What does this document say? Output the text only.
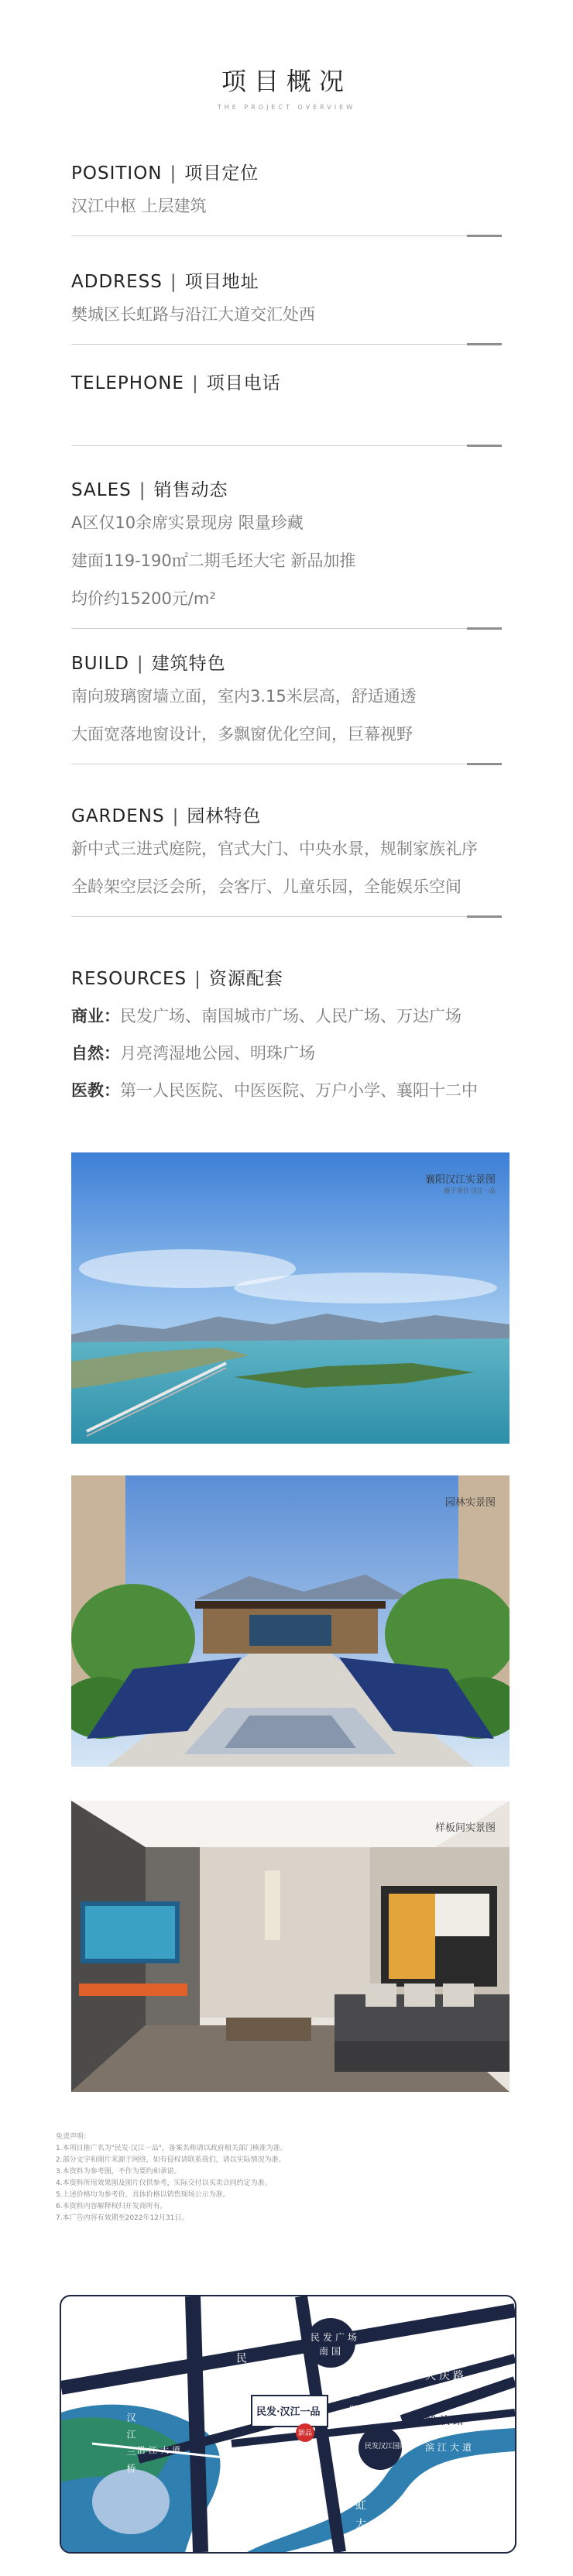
项目概况
THE PROJECT OVERVIEW
POSITION | 项目定位
汉江中枢 上层建筑
ADDRESS | 项目地址
樊城区长虹路与沿江大道交汇处西
TELEPHONE | 项目电话
SALES | 销售动态
A区仅10余席实景现房 限量珍藏
建面119-190㎡二期毛坯大宅 新品加推
均价约15200元/m²
BUILD | 建筑特色
南向玻璃窗墙立面，室内3.15米层高，舒适通透
大面宽落地窗设计，多飘窗优化空间，巨幕视野
GARDENS | 园林特色
新中式三进式庭院，官式大门、中央水景，规制家族礼序
全龄架空层泛会所，会客厅、儿童乐园，全能娱乐空间
RESOURCES | 资源配套
商业：民发广场、南国城市广场、人民广场、万达广场
自然：月亮湾湿地公园、明珠广场
医教：第一人民医院、中医医院、万户小学、襄阳十二中
襄阳汉江实景图
摄于项目 汉江一品
园林实景图
样板间实景图
免责声明：
1.本项目推广名为"民发·汉江一品"，备案名称请以政府相关部门核准为准。
2.部分文字和图片来源于网络，如有侵权请联系我们，请以实际情况为准。
3.本资料为参考图，不作为要约和承诺。
4.本资料所用效果图及图片仅供参考，实际交付以买卖合同约定为准。
5.上述价格均为参考价，具体价格以销售现场公示为准。
6.本资料内容解释权归开发商所有。
7.本广告内容有效期至2022年12月31日。
人民路
长虹路	大庆路
解放路
沿江大道	滨江大道
汉江三桥
长虹大桥
民发广场
南国
民发汉江国际
汉江
民发·汉江一品
新品
